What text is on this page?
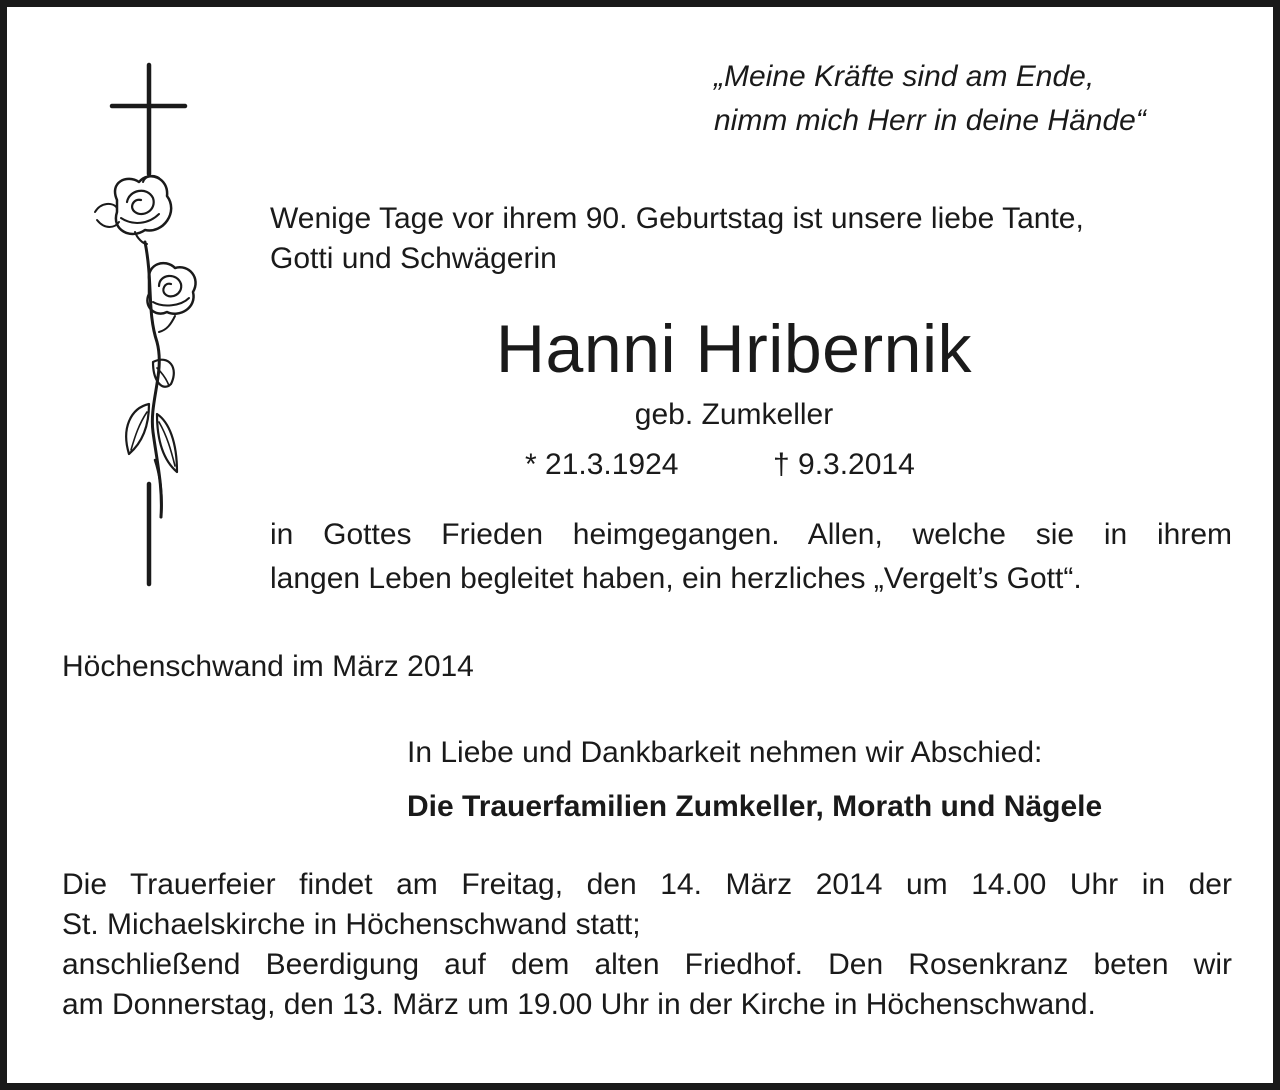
„Meine Kräfte sind am Ende,
nimm mich Herr in deine Hände“
Wenige Tage vor ihrem 90. Geburtstag ist unsere liebe Tante,
Gotti und Schwägerin
Hanni Hribernik
geb. Zumkeller
* 21.3.1924	† 9.3.2014
in Gottes Frieden heimgegangen. Allen, welche sie in ihrem
langen Leben begleitet haben, ein herzliches „Vergelt’s Gott“.
Höchenschwand im März 2014
In Liebe und Dankbarkeit nehmen wir Abschied:
Die Trauerfamilien Zumkeller, Morath und Nägele
Die Trauerfeier findet am Freitag, den 14. März 2014 um 14.00 Uhr in der
St. Michaelskirche in Höchenschwand statt;
anschließend Beerdigung auf dem alten Friedhof. Den Rosenkranz beten wir
am Donnerstag, den 13. März um 19.00 Uhr in der Kirche in Höchenschwand.
